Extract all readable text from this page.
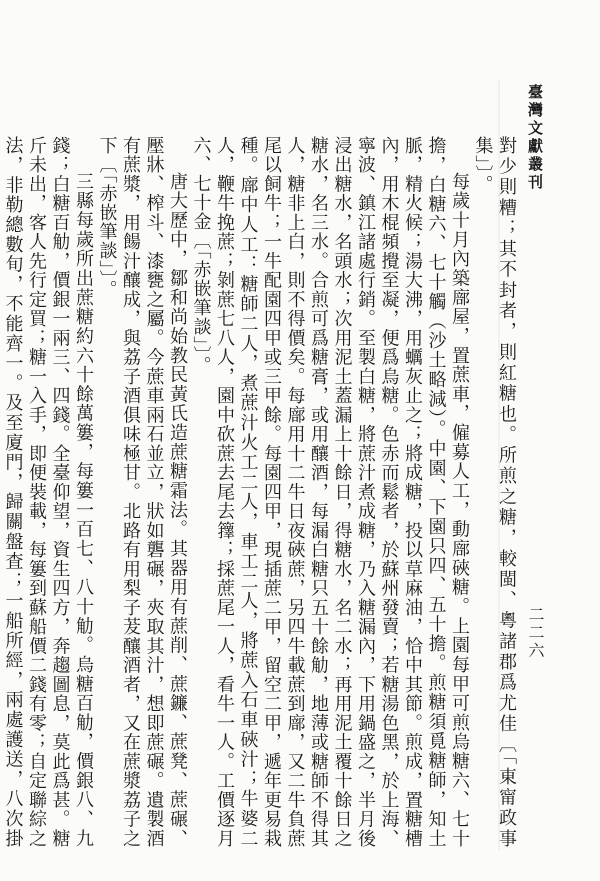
臺灣文獻叢刊
二二六

對少則糟；其不封者，則紅糖也。所煎之糖，較閩、粵諸郡爲尤佳〔「東甯政事集」〕。

每歲十月內築廍屋，置蔗車，僱募人工，動廍硤糖。上園每甲可煎烏糖六、七十擔，白糖六、七十觸（沙土略減）。中園、下園只四、五十擔。煎糖須覓糖師，知土脈，精火候；湯大沸，用蠣灰止之；將成糖，投以草麻油，恰中其節。煎成，置糖槽內，用木棍頻攪至凝，便爲烏糖。色赤而鬆者，於蘇州發賣；若糖湯色黑，於上海、寧波、鎮江諸處行銷。至製白糖，將蔗汁煮成糖，乃入糖漏內，下用鍋盛之，半月後浸出糖水，名頭水；次用泥土蓋漏上十餘日，得糖水，名二水；再用泥土覆十餘日之糖水，名三水。合煎可爲糖膏，或用釀酒，每漏白糖只五十餘觔，地薄或糖師不得其人，糖非上白，則不得價矣。每廍用十二牛日夜硤蔗，另四牛載蔗到廍，又二牛負蔗尾以飼牛；一牛配園四甲或三甲餘。每園四甲，現插蔗二甲，留空二甲，遞年更易栽種。廍中人工：糖師二人，煮蔗汁火工二人，車工二人，將蔗入石車硤汁；牛婆二人，鞭牛挽蔗；剝蔗七八人，園中砍蔗去尾去籜；採蔗尾一人，看牛一人。工價逐月六、七十金〔「赤嵌筆談」〕。

唐大歷中，鄒和尚始教民黃氏造蔗糖霜法。其器用有蔗削、蔗鐮、蔗凳、蔗碾、壓牀、榨斗、漆甕之屬。今蔗車兩石並立，狀如礱碾，夾取其汁，想即蔗碾。遺製酒有蔗漿，用餳汁釀成，與荔子酒俱味極甘。北路有用梨子茇釀酒者，又在蔗漿荔子之下〔「赤嵌筆談」〕。

三縣每歲所出蔗糖約六十餘萬簍，每簍一百七、八十觔。烏糖百觔，價銀八、九錢；白糖百觔，價銀一兩三、四錢。全臺仰望，資生四方，奔趨圖息，莫此爲甚。糖斤未出，客人先行定買；糖一入手，即便裝載，每簍到蘇船價二錢有零；自定聯綜之法，非勒總數旬，不能齊一。及至廈門，歸關盤査；一船所經，兩處護送，八次掛
